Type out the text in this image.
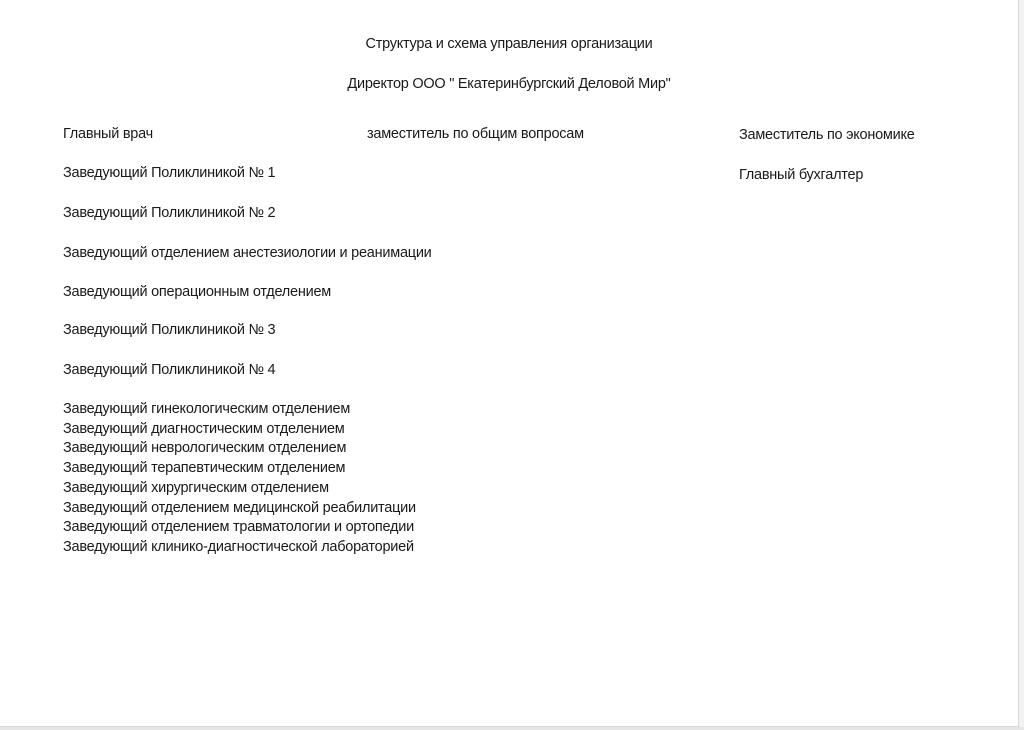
Структура и схема управления организации
Директор ООО " Екатеринбургский Деловой Мир"
Главный врач	заместитель по общим вопросам	Заместитель по экономике
Главный бухгалтер
Заведующий Поликлиникой № 1
Заведующий Поликлиникой № 2
Заведующий отделением анестезиологии и реанимации
Заведующий операционным отделением
Заведующий Поликлиникой № 3
Заведующий Поликлиникой № 4
Заведующий гинекологическим отделением
Заведующий диагностическим отделением
Заведующий неврологическим отделением
Заведующий терапевтическим отделением
Заведующий хирургическим отделением
Заведующий отделением медицинской реабилитации
Заведующий отделением травматологии и ортопедии
Заведующий клинико-диагностической лабораторией
